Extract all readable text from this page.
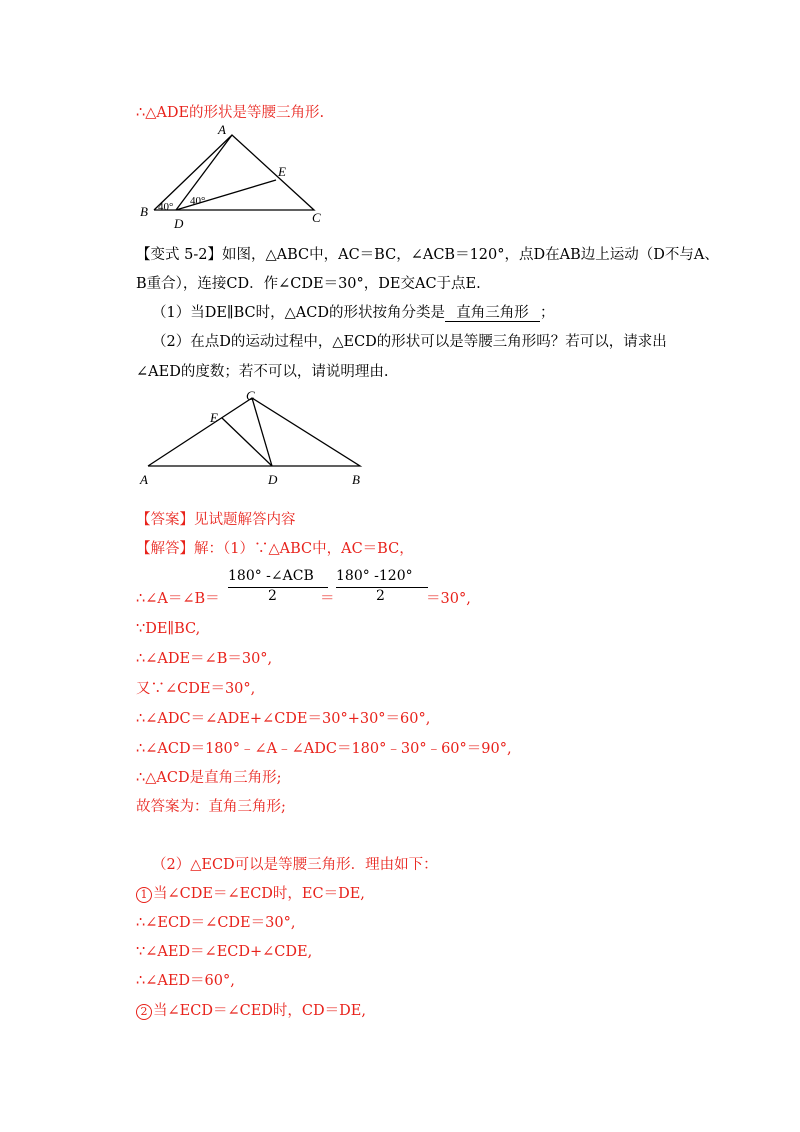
∴△ADE的形状是等腰三角形.
A
B	C
D
E
40° 40°
【变式 5-2】如图，△ABC中，AC＝BC，∠ACB＝120°，点D在AB边上运动（D不与A、
B重合），连接CD．作∠CDE＝30°，DE交AC于点E.
（1）当DE∥BC时，△ACD的形状按角分类是 直角三角形 ；
（2）在点D的运动过程中，△ECD的形状可以是等腰三角形吗？若可以，请求出
∠AED的度数；若不可以，请说明理由.
C
E
A	D	B
【答案】见试题解答内容
【解答】解：（1）∵△ABC中，AC＝BC，
∴∠A＝∠B＝
180° -∠ACB
2	＝
180° -120°
2	＝30°,
∵DE∥BC,
∴∠ADE＝∠B＝30°,
又∵∠CDE＝30°,
∴∠ADC＝∠ADE+∠CDE＝30°+30°＝60°,
∴∠ACD＝180°﹣∠A﹣∠ADC＝180°﹣30°﹣60°＝90°,
∴△ACD是直角三角形;
故答案为：直角三角形;
（2）△ECD可以是等腰三角形．理由如下：
1 当∠CDE＝∠ECD时，EC＝DE,
∴∠ECD＝∠CDE＝30°,
∵∠AED＝∠ECD+∠CDE,
∴∠AED＝60°,
2 当∠ECD＝∠CED时，CD＝DE,
